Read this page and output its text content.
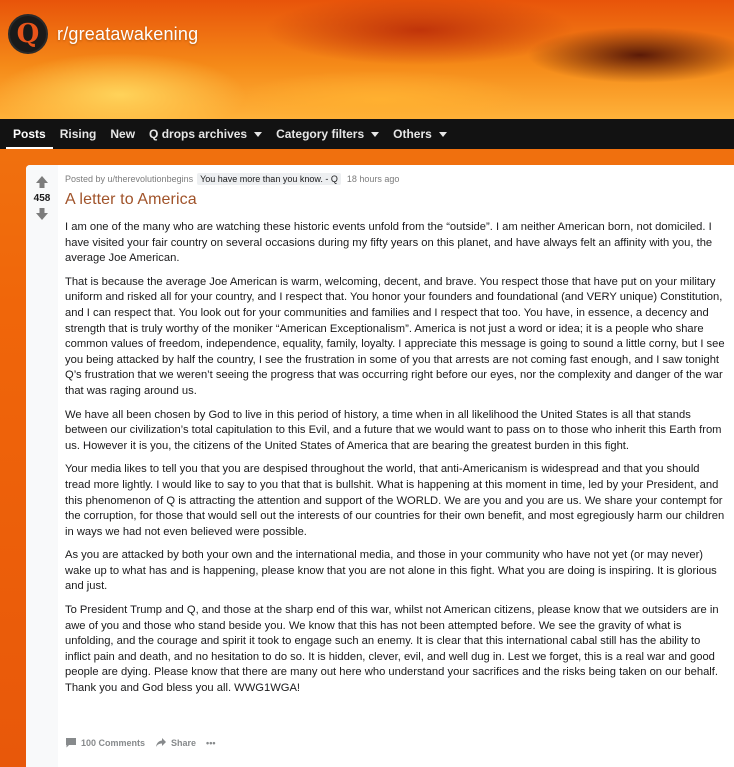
Q r/greatawakening
Posts Rising New Q drops archives Category filters Others
458
Posted by u/therevolutionbegins You have more than you know. - Q	18 hours ago
A letter to America

I am one of the many who are watching these historic events unfold from the “outside”. I am neither American born, not domiciled. I have visited your fair country on several occasions during my fifty years on this planet, and have always felt an affinity with you, the average Joe American.

That is because the average Joe American is warm, welcoming, decent, and brave. You respect those that have put on your military uniform and risked all for your country, and I respect that. You honor your founders and foundational (and VERY unique) Constitution, and I can respect that. You look out for your communities and families and I respect that too. You have, in essence, a decency and strength that is truly worthy of the moniker “American Exceptionalism”. America is not just a word or idea; it is a people who share common values of freedom, independence, equality, family, loyalty. I appreciate this message is going to sound a little corny, but I see you being attacked by half the country, I see the frustration in some of you that arrests are not coming fast enough, and I saw tonight Q’s frustration that we weren’t seeing the progress that was occurring right before our eyes, nor the complexity and danger of the war that was raging around us.

We have all been chosen by God to live in this period of history, a time when in all likelihood the United States is all that stands between our civilization’s total capitulation to this Evil, and a future that we would want to pass on to those who inherit this Earth from us. However it is you, the citizens of the United States of America that are bearing the greatest burden in this fight.

Your media likes to tell you that you are despised throughout the world, that anti-Americanism is widespread and that you should tread more lightly. I would like to say to you that that is bullshit. What is happening at this moment in time, led by your President, and this phenomenon of Q is attracting the attention and support of the WORLD. We are you and you are us. We share your contempt for the corruption, for those that would sell out the interests of our countries for their own benefit, and most egregiously harm our children in ways we had not even believed were possible.

As you are attacked by both your own and the international media, and those in your community who have not yet (or may never) wake up to what has and is happening, please know that you are not alone in this fight. What you are doing is inspiring. It is glorious and just.

To President Trump and Q, and those at the sharp end of this war, whilst not American citizens, please know that we outsiders are in awe of you and those who stand beside you. We know that this has not been attempted before. We see the gravity of what is unfolding, and the courage and spirit it took to engage such an enemy. It is clear that this international cabal still has the ability to inflict pain and death, and no hesitation to do so. It is hidden, clever, evil, and well dug in. Lest we forget, this is a real war and good people are dying. Please know that there are many out here who understand your sacrifices and the risks being taken on our behalf. Thank you and God bless you all. WWG1WGA!

100 Comments	Share •••
